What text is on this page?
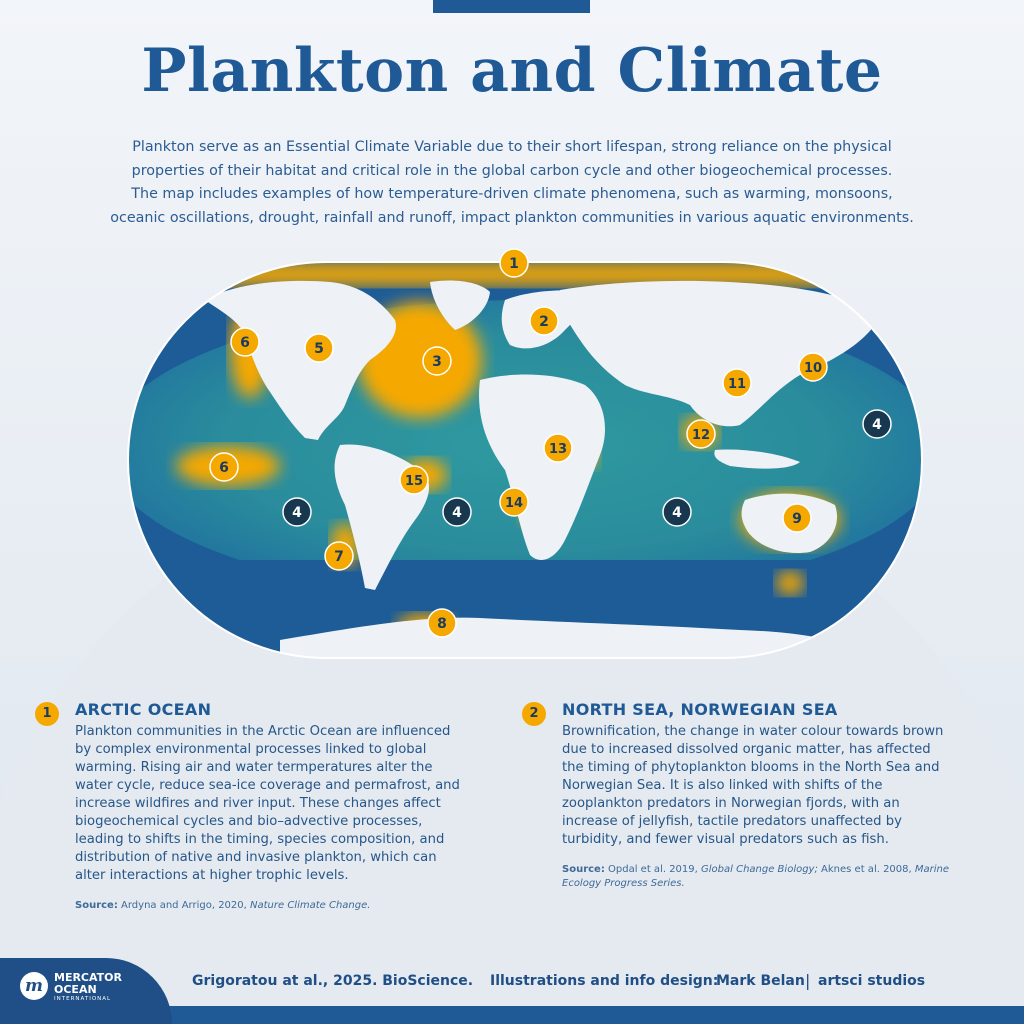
Plankton and Climate

Plankton serve as an Essential Climate Variable due to their short lifespan, strong reliance on the physical

properties of their habitat and critical role in the global carbon cycle and other biogeochemical processes.

The map includes examples of how temperature-driven climate phenomena, such as warming, monsoons,

oceanic oscillations, drought, rainfall and runoff, impact plankton communities in various aquatic environments.

1
2
3
5
6
6
4	4	4
4
7
8
9
10
11
12
13
14
15
1	ARCTIC OCEAN
Plankton communities in the Arctic Ocean are influenced by complex environmental processes linked to global warming. Rising air and water termperatures alter the water cycle, reduce sea-ice coverage and permafrost, and increase wildfires and river input. These changes affect biogeochemical cycles and bio–advective processes, leading to shifts in the timing, species composition, and distribution of native and invasive plankton, which can alter interactions at higher trophic levels.
Source: Ardyna and Arrigo, 2020, Nature Climate Change.
2	NORTH SEA, NORWEGIAN SEA
Brownification, the change in water colour towards brown due to increased dissolved organic matter, has affected the timing of phytoplankton blooms in the North Sea and Norwegian Sea. It is also linked with shifts of the zooplankton predators in Norwegian fjords, with an increase of jellyfish, tactile predators unaffected by turbidity, and fewer visual predators such as fish.
Source: Opdal et al. 2019, Global Change Biology; Aknes et al. 2008, Marine Ecology Progress Series.
m	MERCATOR
OCEAN
INTERNATIONAL
Grigoratou at al., 2025. BioScience. Illustrations and info design:
Mark Belan | artsci studios
